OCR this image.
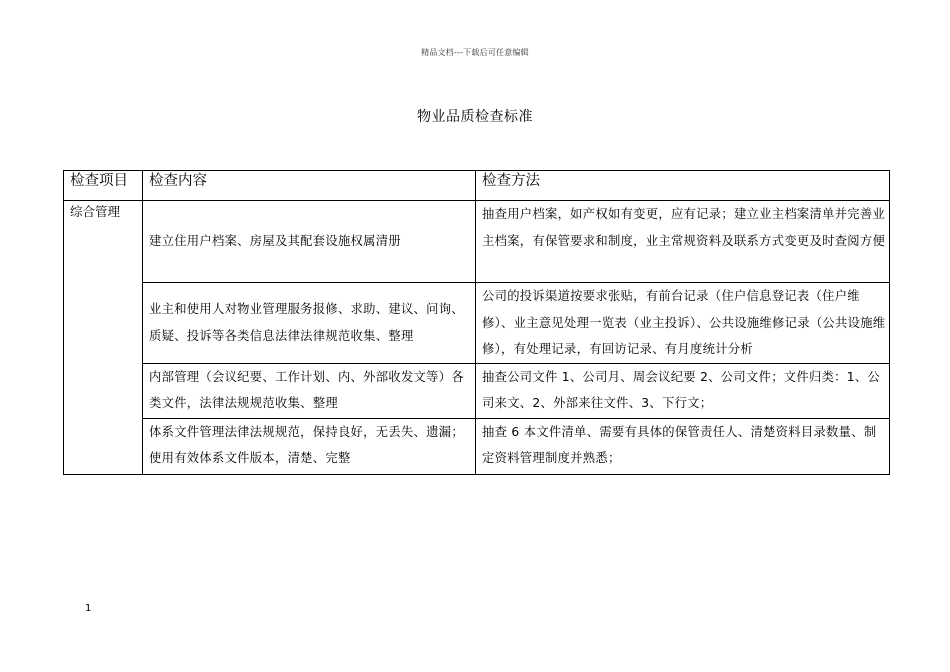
精品文档---下载后可任意编辑
物业品质检查标准
检查项目	检查内容	检查方法
综合管理	建立住用户档案、房屋及其配套设施权属清册	抽查用户档案，如产权如有变更，应有记录；建立业主档案清单并完善业主档案，有保管要求和制度，业主常规资料及联系方式变更及时查阅方便
	业主和使用人对物业管理服务报修、求助、建议、问询、质疑、投诉等各类信息法律法律规范收集、整理	公司的投诉渠道按要求张贴，有前台记录（住户信息登记表（住户维修）、业主意见处理一览表（业主投诉）、公共设施维修记录（公共设施维修），有处理记录，有回访记录、有月度统计分析
	内部管理（会议纪要、工作计划、内、外部收发文等）各类文件，法律法规规范收集、整理	抽查公司文件 1、公司月、周会议纪要 2、公司文件；文件归类：1、公司来文、2、外部来往文件、3、下行文；
	体系文件管理法律法规规范，保持良好，无丢失、遗漏；使用有效体系文件版本，清楚、完整	抽查 6 本文件清单、需要有具体的保管责任人、清楚资料目录数量、制定资料管理制度并熟悉；
1
